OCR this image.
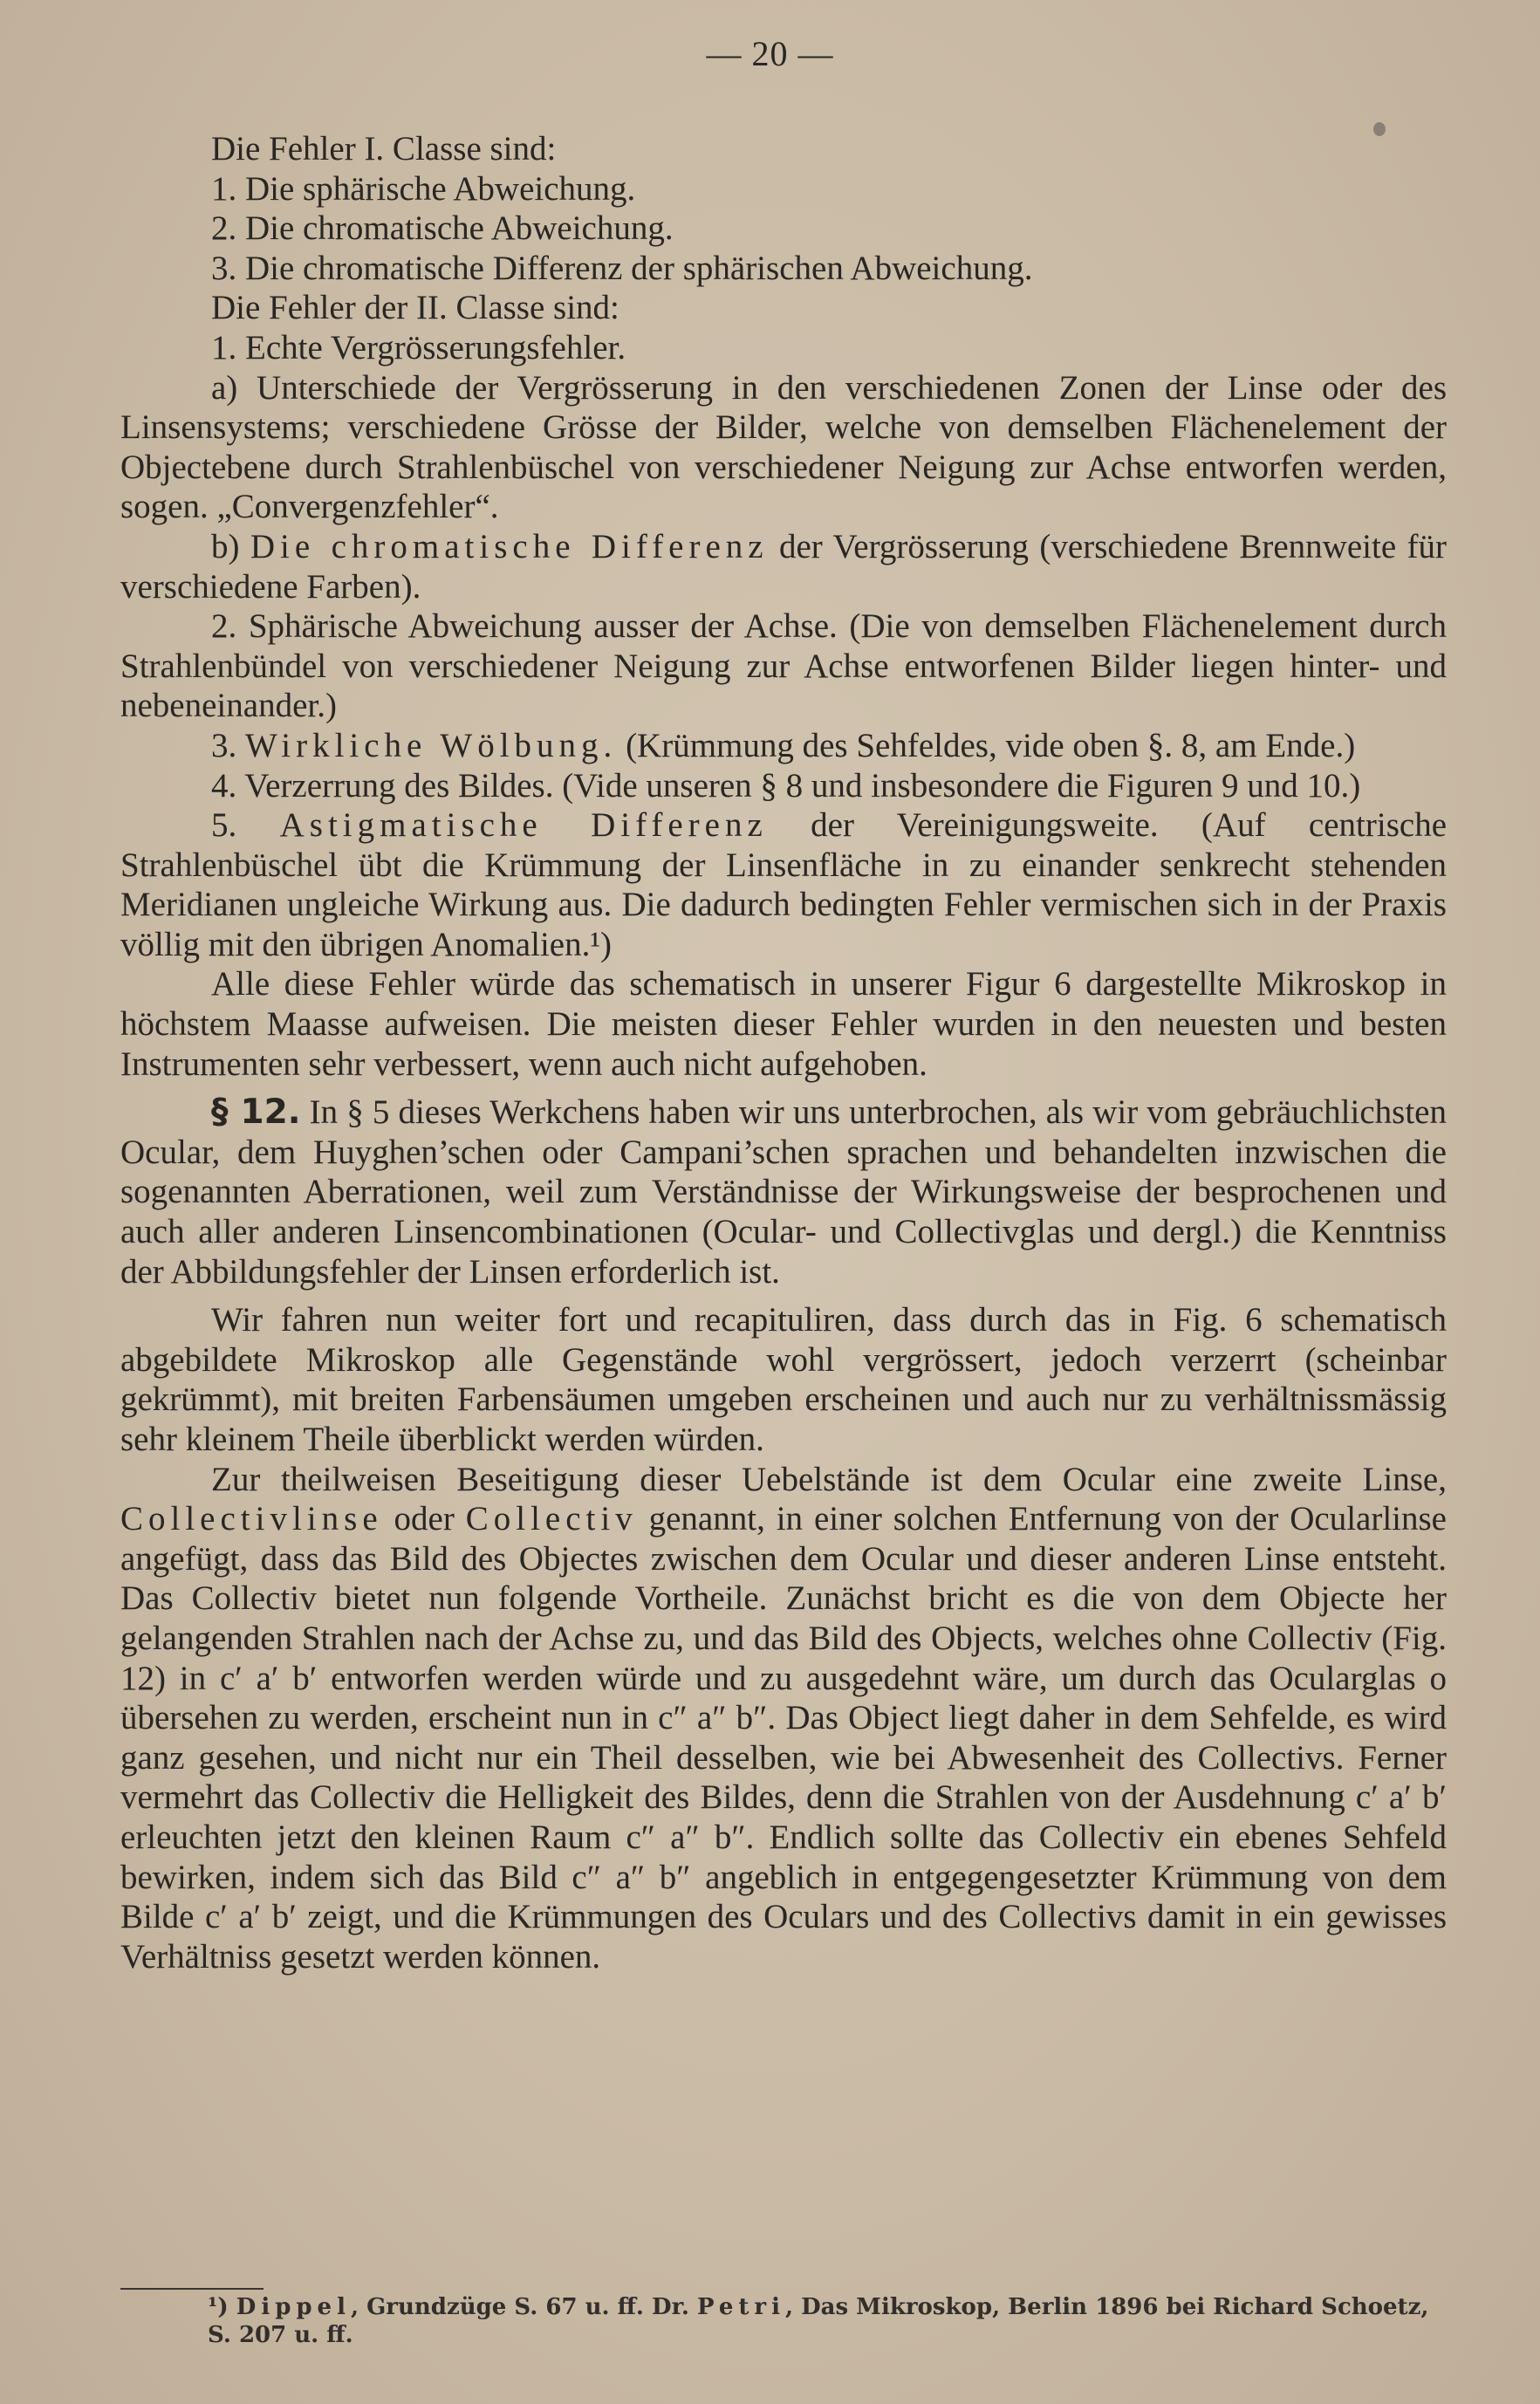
— 20 —

Die Fehler I. Classe sind:

1. Die sphärische Abweichung.

2. Die chromatische Abweichung.

3. Die chromatische Differenz der sphärischen Abweichung.

Die Fehler der II. Classe sind:

1. Echte Vergrösserungsfehler.

a) Unterschiede der Vergrösserung in den verschiedenen Zonen der Linse oder des Linsensystems; verschiedene Grösse der Bilder, welche von demselben Flächenelement der Objectebene durch Strahlenbüschel von verschiedener Neigung zur Achse entworfen werden, sogen. „Convergenzfehler“.

b) Die chromatische Differenz der Vergrösserung (verschiedene Brennweite für verschiedene Farben).

2. Sphärische Abweichung ausser der Achse. (Die von demselben Flächenelement durch Strahlenbündel von verschiedener Neigung zur Achse entworfenen Bilder liegen hinter- und nebeneinander.)

3. Wirkliche Wölbung. (Krümmung des Sehfeldes, vide oben §. 8, am Ende.)

4. Verzerrung des Bildes. (Vide unseren § 8 und insbesondere die Figuren 9 und 10.)

5. Astigmatische Differenz der Vereinigungsweite. (Auf centrische Strahlenbüschel übt die Krümmung der Linsenfläche in zu einander senkrecht stehenden Meridianen ungleiche Wirkung aus. Die dadurch bedingten Fehler vermischen sich in der Praxis völlig mit den übrigen Anomalien.¹)

Alle diese Fehler würde das schematisch in unserer Figur 6 dargestellte Mikroskop in höchstem Maasse aufweisen. Die meisten dieser Fehler wurden in den neuesten und besten Instrumenten sehr verbessert, wenn auch nicht aufgehoben.

§ 12. In § 5 dieses Werkchens haben wir uns unterbrochen, als wir vom gebräuchlichsten Ocular, dem Huyghen’schen oder Campani’schen sprachen und behandelten inzwischen die sogenannten Aberrationen, weil zum Verständnisse der Wirkungsweise der besprochenen und auch aller anderen Linsencombinationen (Ocular- und Collectivglas und dergl.) die Kenntniss der Abbildungsfehler der Linsen erforderlich ist.

Wir fahren nun weiter fort und recapituliren, dass durch das in Fig. 6 schematisch abgebildete Mikroskop alle Gegenstände wohl vergrössert, jedoch verzerrt (scheinbar gekrümmt), mit breiten Farbensäumen umgeben erscheinen und auch nur zu verhältnissmässig sehr kleinem Theile überblickt werden würden.

Zur theilweisen Beseitigung dieser Uebelstände ist dem Ocular eine zweite Linse, Collectivlinse oder Collectiv genannt, in einer solchen Entfernung von der Ocularlinse angefügt, dass das Bild des Objectes zwischen dem Ocular und dieser anderen Linse entsteht. Das Collectiv bietet nun folgende Vortheile. Zunächst bricht es die von dem Objecte her gelangenden Strahlen nach der Achse zu, und das Bild des Objects, welches ohne Collectiv (Fig. 12) in c′ a′ b′ entworfen werden würde und zu ausgedehnt wäre, um durch das Ocularglas o übersehen zu werden, erscheint nun in c″ a″ b″. Das Object liegt daher in dem Sehfelde, es wird ganz gesehen, und nicht nur ein Theil desselben, wie bei Abwesenheit des Collectivs. Ferner vermehrt das Collectiv die Helligkeit des Bildes, denn die Strahlen von der Ausdehnung c′ a′ b′ erleuchten jetzt den kleinen Raum c″ a″ b″. Endlich sollte das Collectiv ein ebenes Sehfeld bewirken, indem sich das Bild c″ a″ b″ angeblich in entgegengesetzter Krümmung von dem Bilde c′ a′ b′ zeigt, und die Krümmungen des Oculars und des Collectivs damit in ein gewisses Verhältniss gesetzt werden können.

¹) Dippel, Grundzüge S. 67 u. ff. Dr. Petri, Das Mikroskop, Berlin 1896 bei Richard Schoetz, S. 207 u. ff.
